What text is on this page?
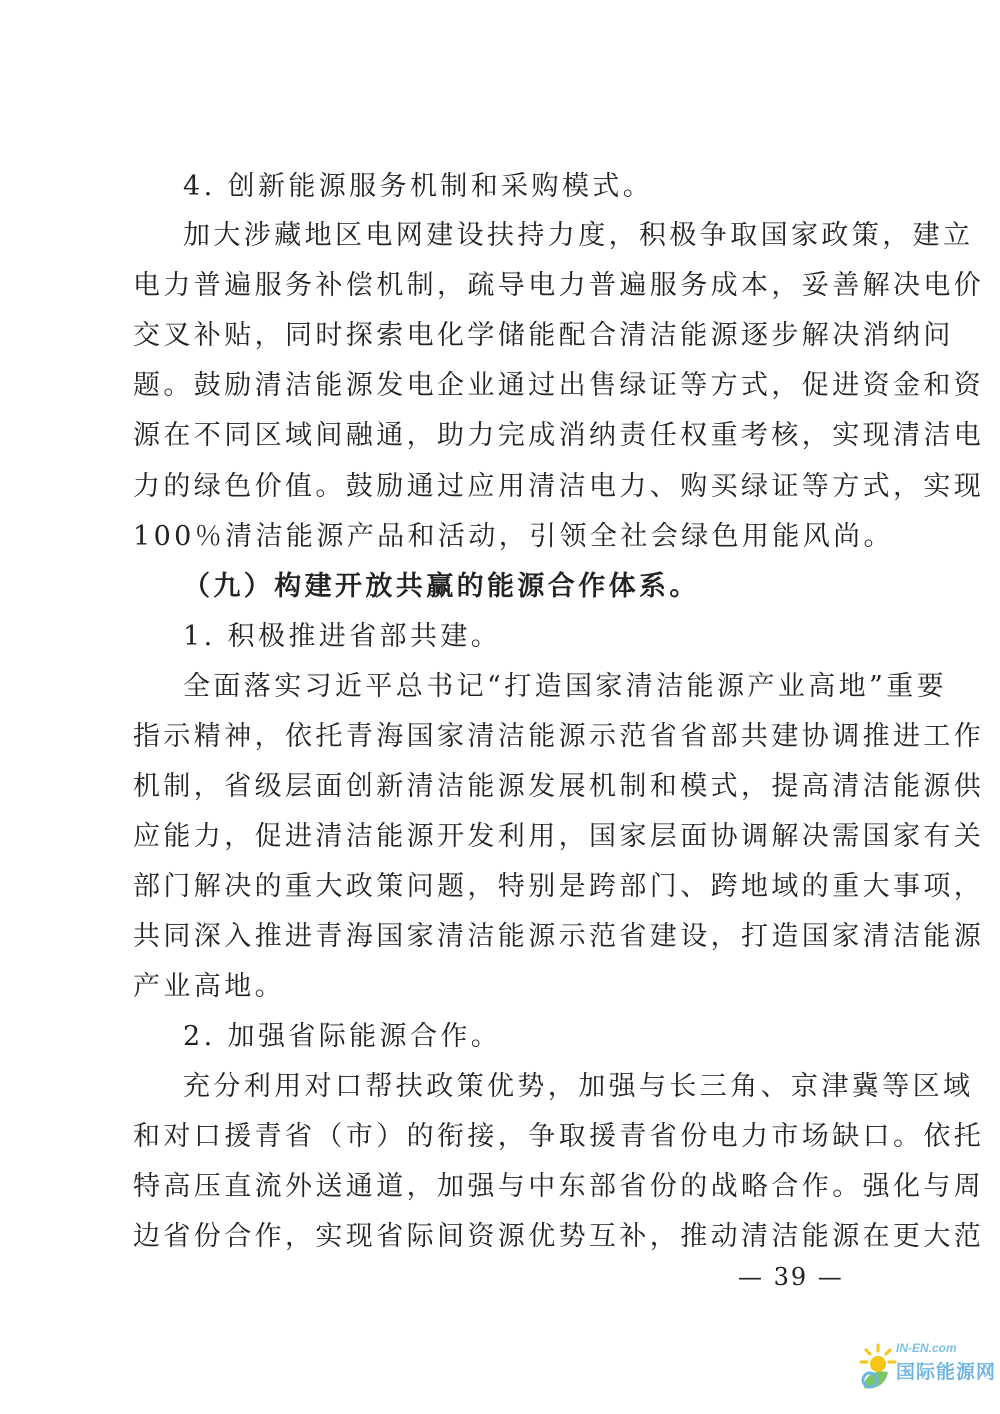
4. 创新能源服务机制和采购模式。
加大涉藏地区电网建设扶持力度，积极争取国家政策，建立
电力普遍服务补偿机制，疏导电力普遍服务成本，妥善解决电价
交叉补贴，同时探索电化学储能配合清洁能源逐步解决消纳问
题。鼓励清洁能源发电企业通过出售绿证等方式，促进资金和资
源在不同区域间融通，助力完成消纳责任权重考核，实现清洁电
力的绿色价值。鼓励通过应用清洁电力、购买绿证等方式，实现
100％清洁能源产品和活动，引领全社会绿色用能风尚。
（九）构建开放共赢的能源合作体系。
1. 积极推进省部共建。
全面落实习近平总书记“打造国家清洁能源产业高地”重要
指示精神，依托青海国家清洁能源示范省省部共建协调推进工作
机制，省级层面创新清洁能源发展机制和模式，提高清洁能源供
应能力，促进清洁能源开发利用，国家层面协调解决需国家有关
部门解决的重大政策问题，特别是跨部门、跨地域的重大事项，
共同深入推进青海国家清洁能源示范省建设，打造国家清洁能源
产业高地。
2. 加强省际能源合作。
充分利用对口帮扶政策优势，加强与长三角、京津冀等区域
和对口援青省（市）的衔接，争取援青省份电力市场缺口。依托
特高压直流外送通道，加强与中东部省份的战略合作。强化与周
边省份合作，实现省际间资源优势互补，推动清洁能源在更大范
— 39 —
IN-EN.com
国际能源网
